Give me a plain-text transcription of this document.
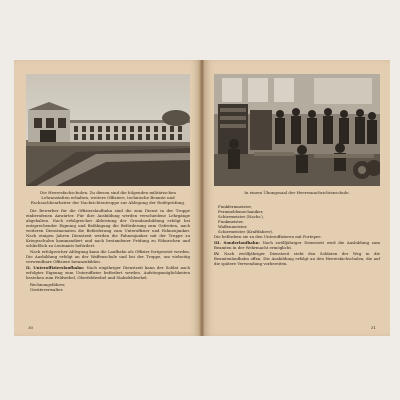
Die Heeresfachschulen. Zu diesen sind die folgenden militärischen Lehranstalten erhalten, weitere Offiziere, technische Beamte und Fachsachbearbeiter der Nachrichtentruppe zur Ablegung der Reifeprüfung.

Die Bewerber für die Offizierslaufbahn sind die zum Dienst in der Truppe einberufenen Anwärter. Für ihre Ausbildung werden verschiedene Lehrgänge abgehalten. Nach erfolgreicher Ableistung der Grundausbildung erfolgt bei entsprechender Eignung und Befähigung die Beförderung zum Gefreiten, nach weiteren Dienstmonaten die Beförderung zum Unteroffizier und Fahnenjunker. Nach einigen Jahren Dienstzeit werden die Fahnenjunker mit der Truppe zu Kriegsschulen kommandiert und nach bestandener Prüfung zu Fähnrichen und schließlich zu Leutnants befördert.

Nach erfolgreicher Ablegung kann die Laufbahn als Offizier fortgesetzt werden. Die Ausbildung erfolgt an der Waffenschule und bei der Truppe, um vielseitig verwendbare Offiziere heranzubilden.

II. Unteroffizierslaufbahn: Nach einjähriger Dienstzeit kann der Soldat nach erfolgter Eignung zum Unteroffizier befördert werden. Aufstiegsmöglichkeiten bestehen zum Feldwebel, Oberfeldwebel und Stabsfeldwebel.

Rechnungsführer,

Geräteverwalter.

30
In einem Übungssaal der Heeresnachrichtenschule.

Funkfernmeister,

Fernmeldemechaniker,

Schirrmeister (Nachr.),

Funkmeister,

Waffenmeister,

Schirrmeister (Kraftfahrer).

Die befördern sie zu den Unteroffizieren mit Portepee.

III. Sonderlaufbahn: Nach zwölfjähriger Dienstzeit wird die Ausbildung zum Beamten in der Wehrmacht ermöglicht.

IV. Nach zwölfjähriger Dienstzeit steht den Soldaten der Weg in die Beamtenlaufbahn offen. Die Ausbildung erfolgt an den Heeresfachschulen, die auf die spätere Verwendung vorbereiten.

31
